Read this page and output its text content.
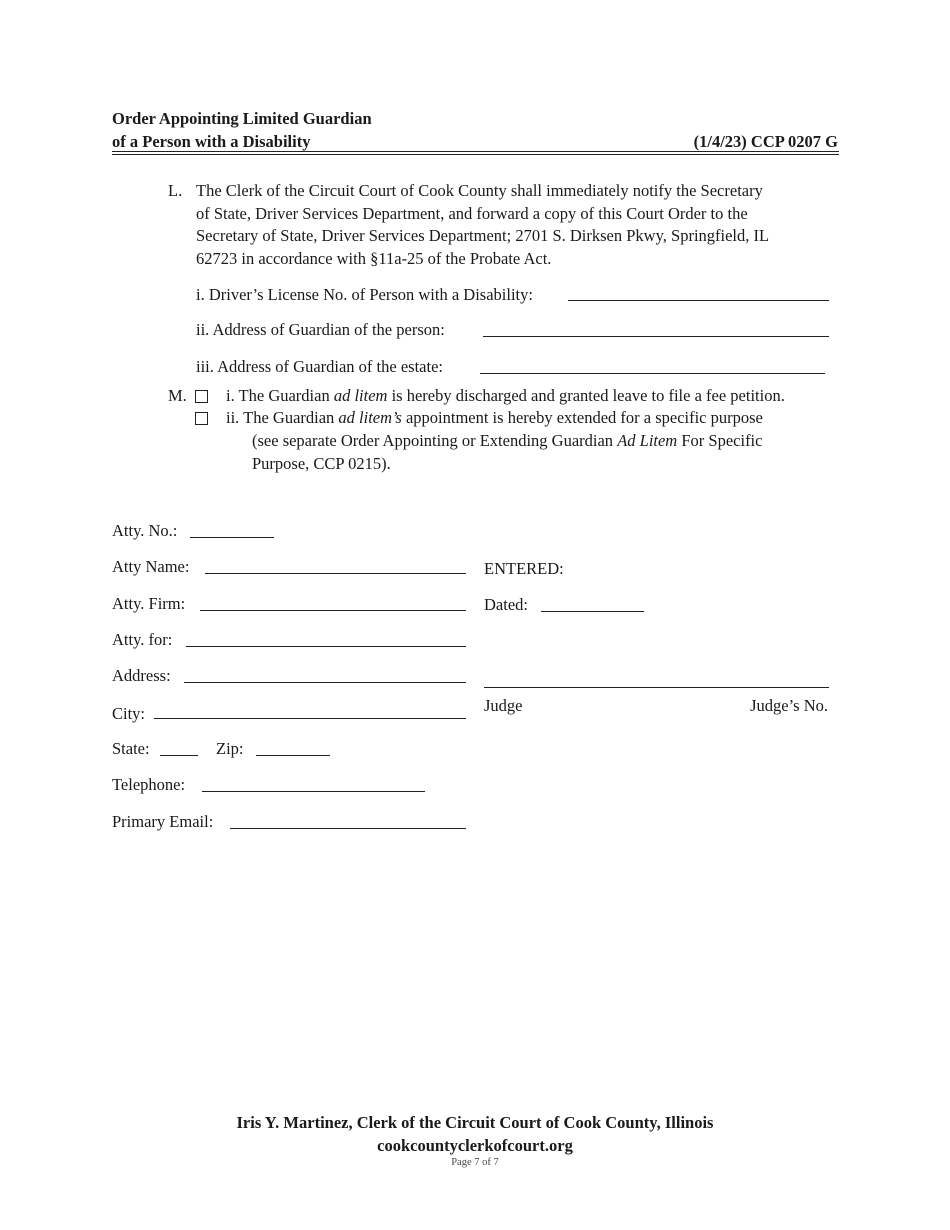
Order Appointing Limited Guardian
of a Person with a Disability	(1/4/23) CCP 0207 G
L. The Clerk of the Circuit Court of Cook County shall immediately notify the Secretary
of State, Driver Services Department, and forward a copy of this Court Order to the
Secretary of State, Driver Services Department; 2701 S. Dirksen Pkwy, Springfield, IL
62723 in accordance with §11a-25 of the Probate Act.
i. Driver’s License No. of Person with a Disability:
ii. Address of Guardian of the person:
iii. Address of Guardian of the estate:
M. i. The Guardian ad litem is hereby discharged and granted leave to file a fee petition.
ii. The Guardian ad litem’s appointment is hereby extended for a specific purpose
(see separate Order Appointing or Extending Guardian Ad Litem For Specific
Purpose, CCP 0215).
Atty. No.:
Atty Name:
Atty. Firm:
Atty. for:
Address:
City:
State:	Zip:
Telephone:
Primary Email:
ENTERED:
Dated:
Judge	Judge’s No.
Iris Y. Martinez, Clerk of the Circuit Court of Cook County, Illinois
cookcountyclerkofcourt.org
Page 7 of 7
